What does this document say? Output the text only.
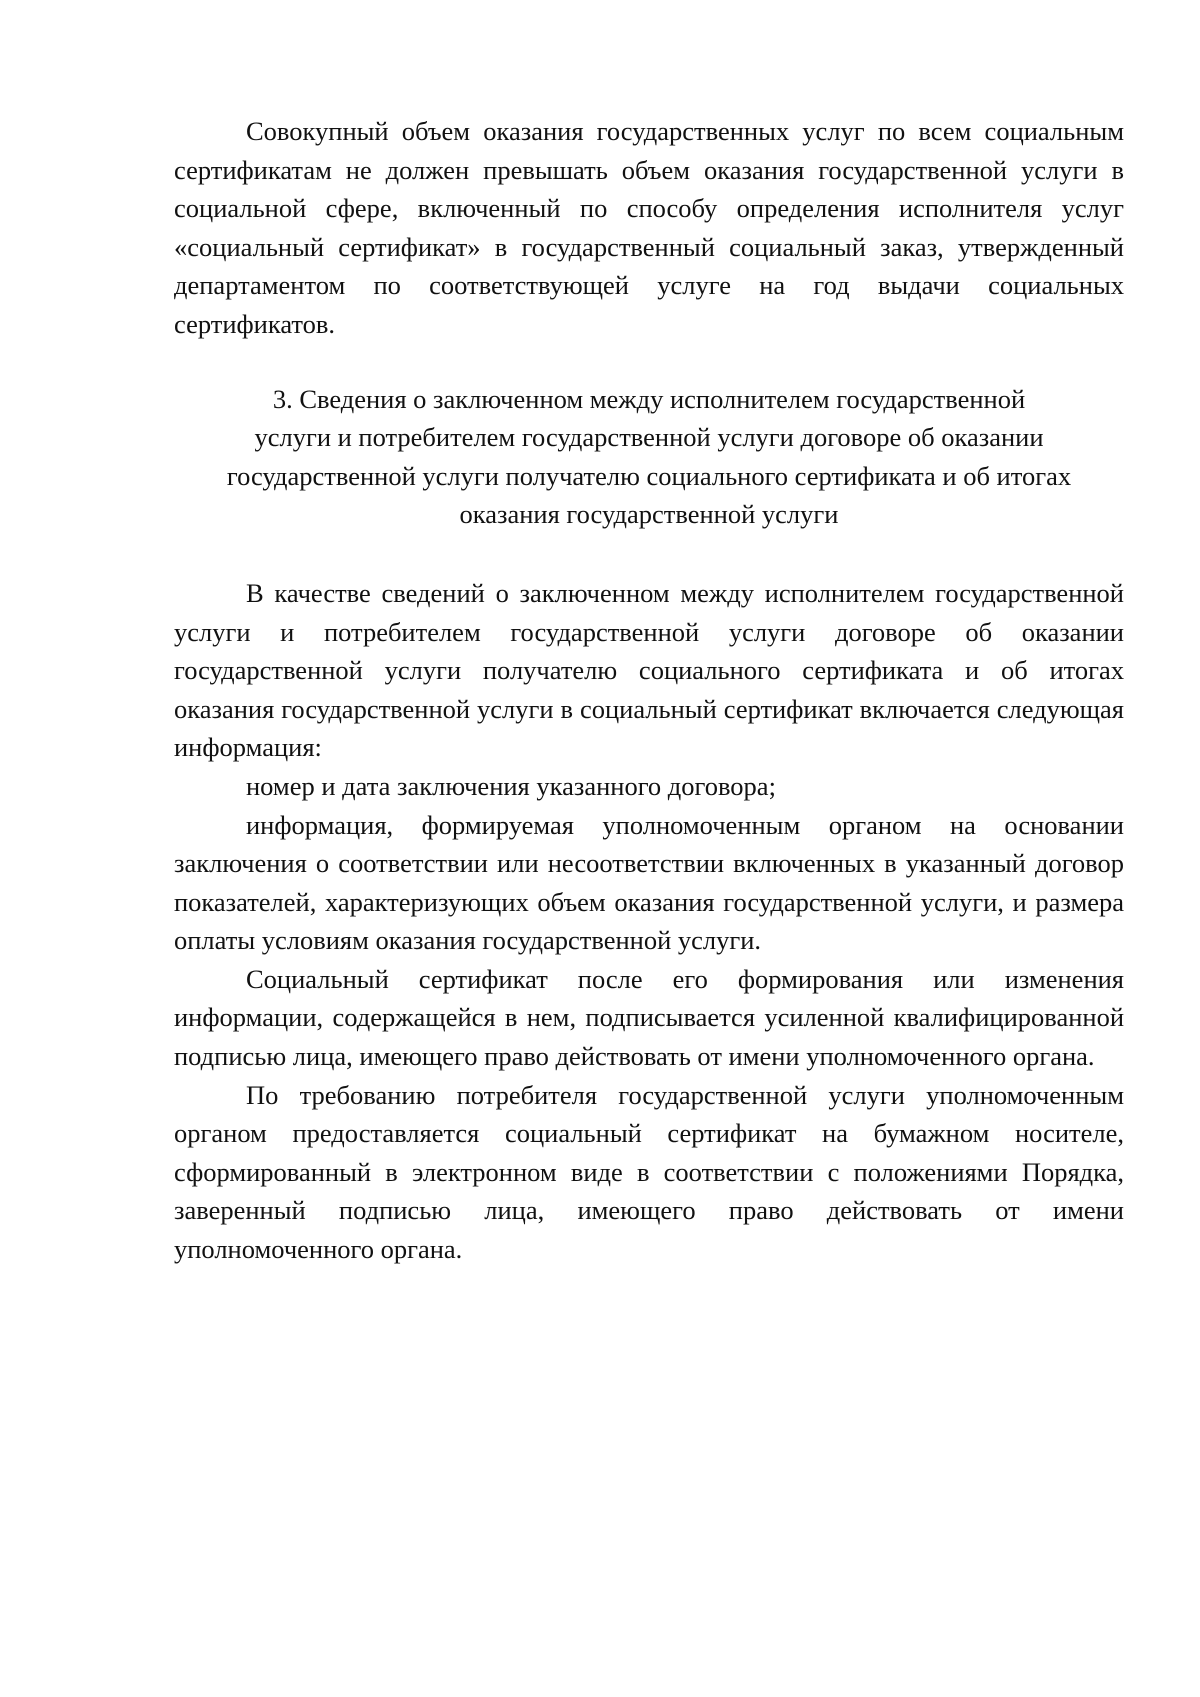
Совокупный объем оказания государственных услуг по всем социальным сертификатам не должен превышать объем оказания государственной услуги в социальной сфере, включенный по способу определения исполнителя услуг «социальный сертификат» в государственный социальный заказ, утвержденный департаментом по соответствующей услуге на год выдачи социальных сертификатов.

3. Сведения о заключенном между исполнителем государственной
услуги и потребителем государственной услуги договоре об оказании
государственной услуги получателю социального сертификата и об итогах
оказания государственной услуги

В качестве сведений о заключенном между исполнителем государственной услуги и потребителем государственной услуги договоре об оказании государственной услуги получателю социального сертификата и об итогах оказания государственной услуги в социальный сертификат включается следующая информация:

номер и дата заключения указанного договора;

информация, формируемая уполномоченным органом на основании заключения о соответствии или несоответствии включенных в указанный договор показателей, характеризующих объем оказания государственной услуги, и размера оплаты условиям оказания государственной услуги.

Социальный сертификат после его формирования или изменения информации, содержащейся в нем, подписывается усиленной квалифицированной подписью лица, имеющего право действовать от имени уполномоченного органа.

По требованию потребителя государственной услуги уполномоченным органом предоставляется социальный сертификат на бумажном носителе, сформированный в электронном виде в соответствии с положениями Порядка, заверенный подписью лица, имеющего право действовать от имени уполномоченного органа.
